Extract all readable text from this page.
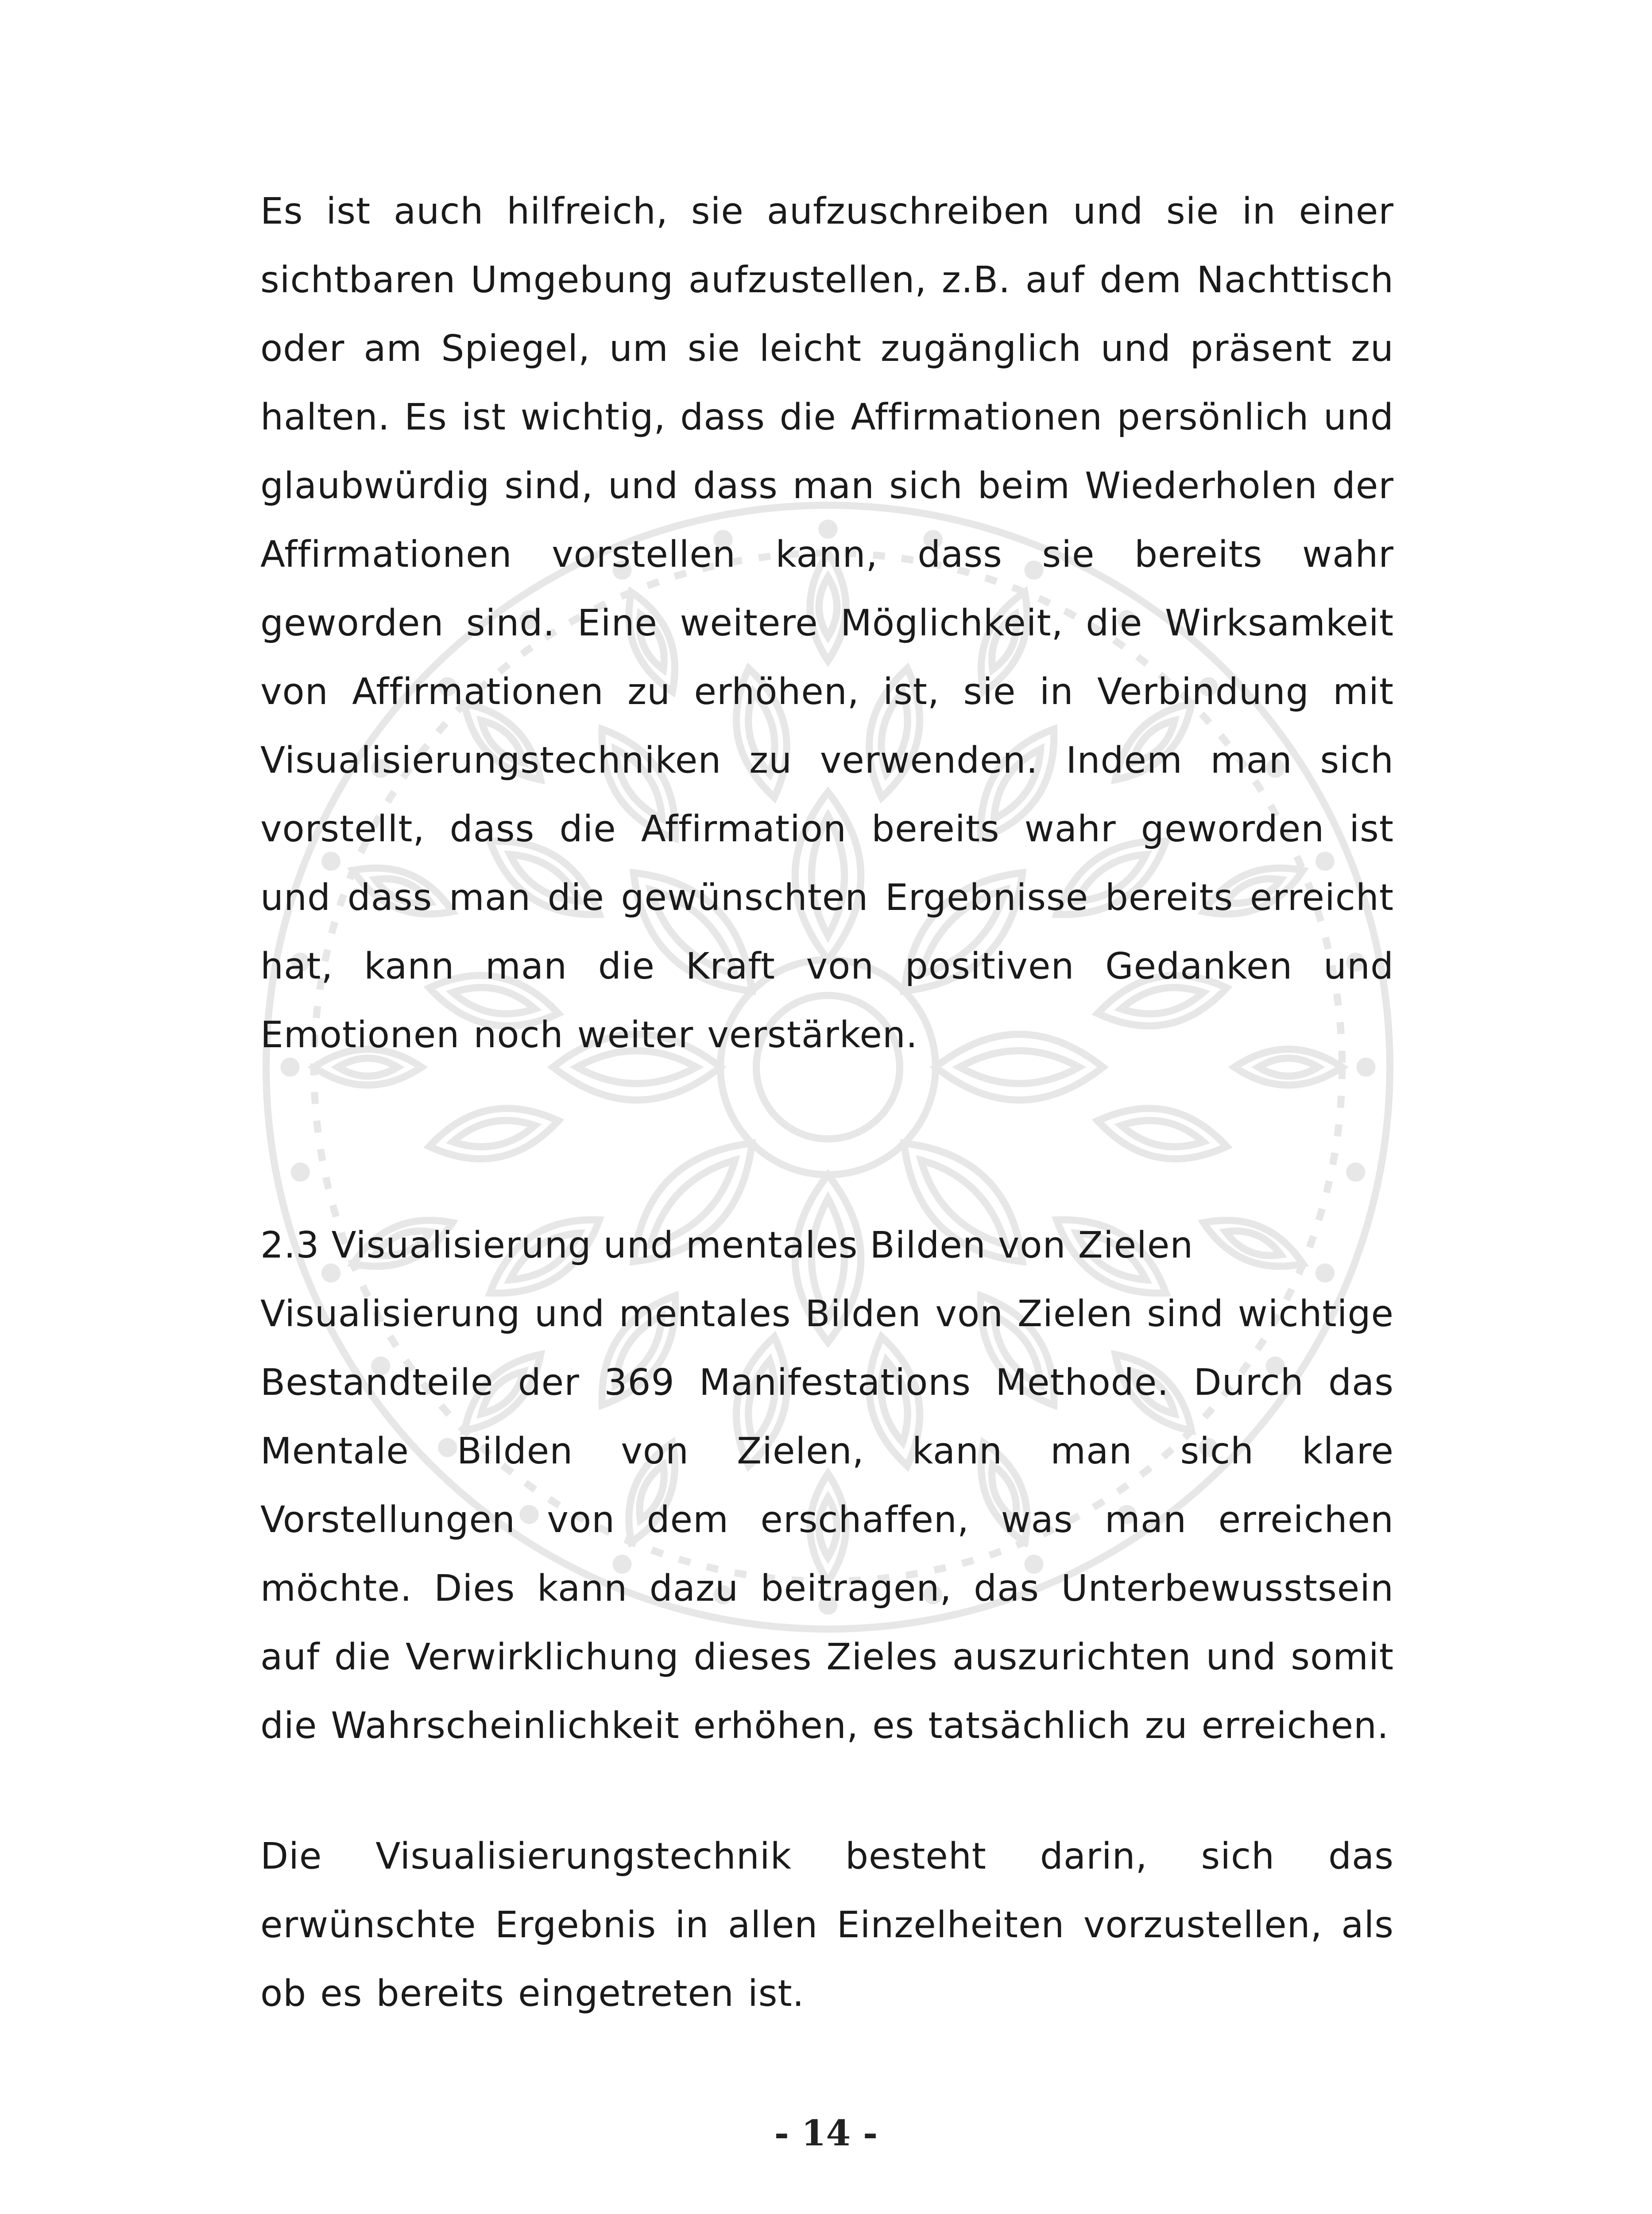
Es ist auch hilfreich, sie aufzuschreiben und sie in einer sichtbaren Umgebung aufzustellen, z.B. auf dem Nachttisch oder am Spiegel, um sie leicht zugänglich und präsent zu halten. Es ist wichtig, dass die Affirmationen persönlich und glaubwürdig sind, und dass man sich beim Wiederholen der Affirmationen vorstellen kann, dass sie bereits wahr geworden sind. Eine weitere Möglichkeit, die Wirksamkeit von Affirmationen zu erhöhen, ist, sie in Verbindung mit Visualisierungstechniken zu verwenden. Indem man sich vorstellt, dass die Affirmation bereits wahr geworden ist und dass man die gewünschten Ergebnisse bereits erreicht hat, kann man die Kraft von positiven Gedanken und Emotionen noch weiter verstärken.

2.3 Visualisierung und mentales Bilden von Zielen

Visualisierung und mentales Bilden von Zielen sind wichtige Bestandteile der 369 Manifestations Methode. Durch das Mentale Bilden von Zielen, kann man sich klare Vorstellungen von dem erschaffen, was man erreichen möchte. Dies kann dazu beitragen, das Unterbewusstsein auf die Verwirklichung dieses Zieles auszurichten und somit die Wahrscheinlichkeit erhöhen, es tatsächlich zu erreichen.

Die Visualisierungstechnik besteht darin, sich das erwünschte Ergebnis in allen Einzelheiten vorzustellen, als ob es bereits eingetreten ist.

- 14 -
